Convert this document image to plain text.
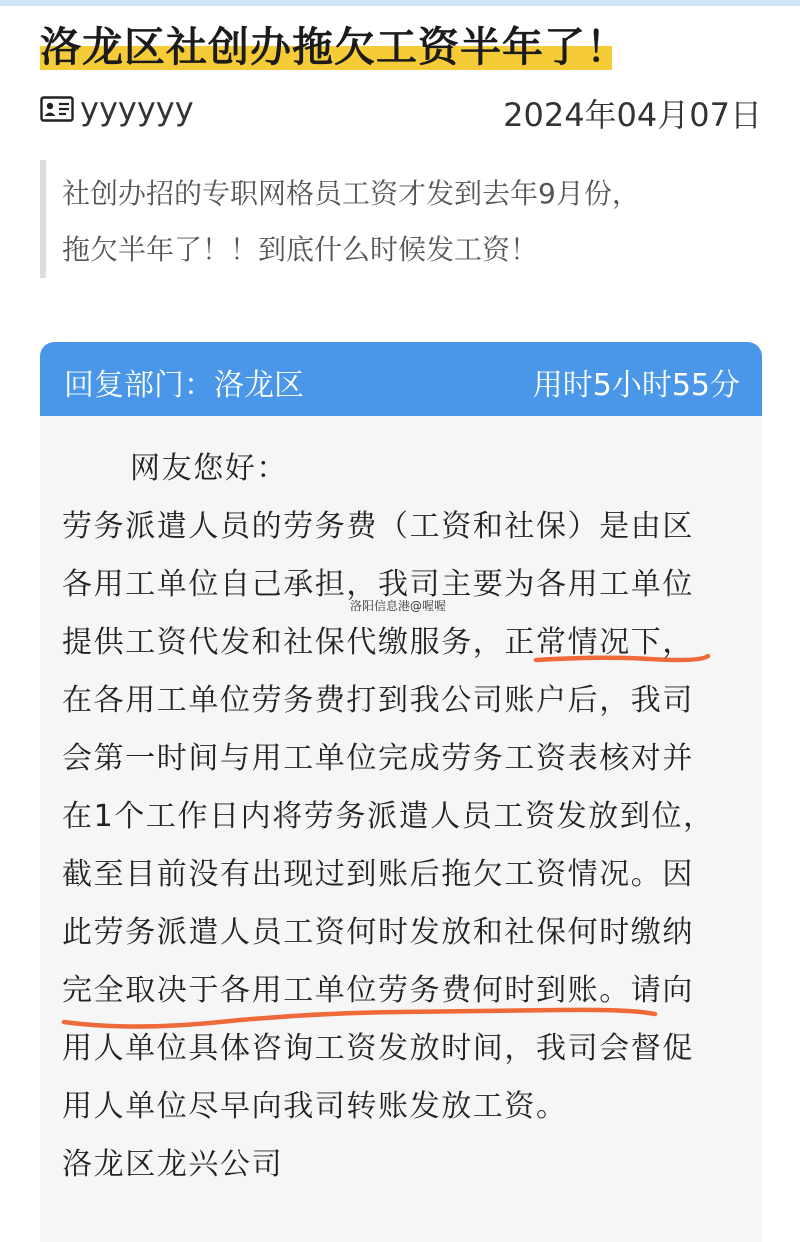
洛龙区社创办拖欠工资半年了！
yyyyyy	2024年04月07日

社创办招的专职网格员工资才发到去年9月份，
拖欠半年了！！到底什么时候发工资！

回复部门：洛龙区	用时5小时55分
网友您好：
劳务派遣人员的劳务费（工资和社保）是由区
各用工单位自己承担，我司主要为各用工单位
提供工资代发和社保代缴服务，正常情况下，
在各用工单位劳务费打到我公司账户后，我司
会第一时间与用工单位完成劳务工资表核对并
在1个工作日内将劳务派遣人员工资发放到位，
截至目前没有出现过到账后拖欠工资情况。因
此劳务派遣人员工资何时发放和社保何时缴纳
完全取决于各用工单位劳务费何时到账。请向
用人单位具体咨询工资发放时间，我司会督促
用人单位尽早向我司转账发放工资。
洛龙区龙兴公司
洛阳信息港@喔喔
